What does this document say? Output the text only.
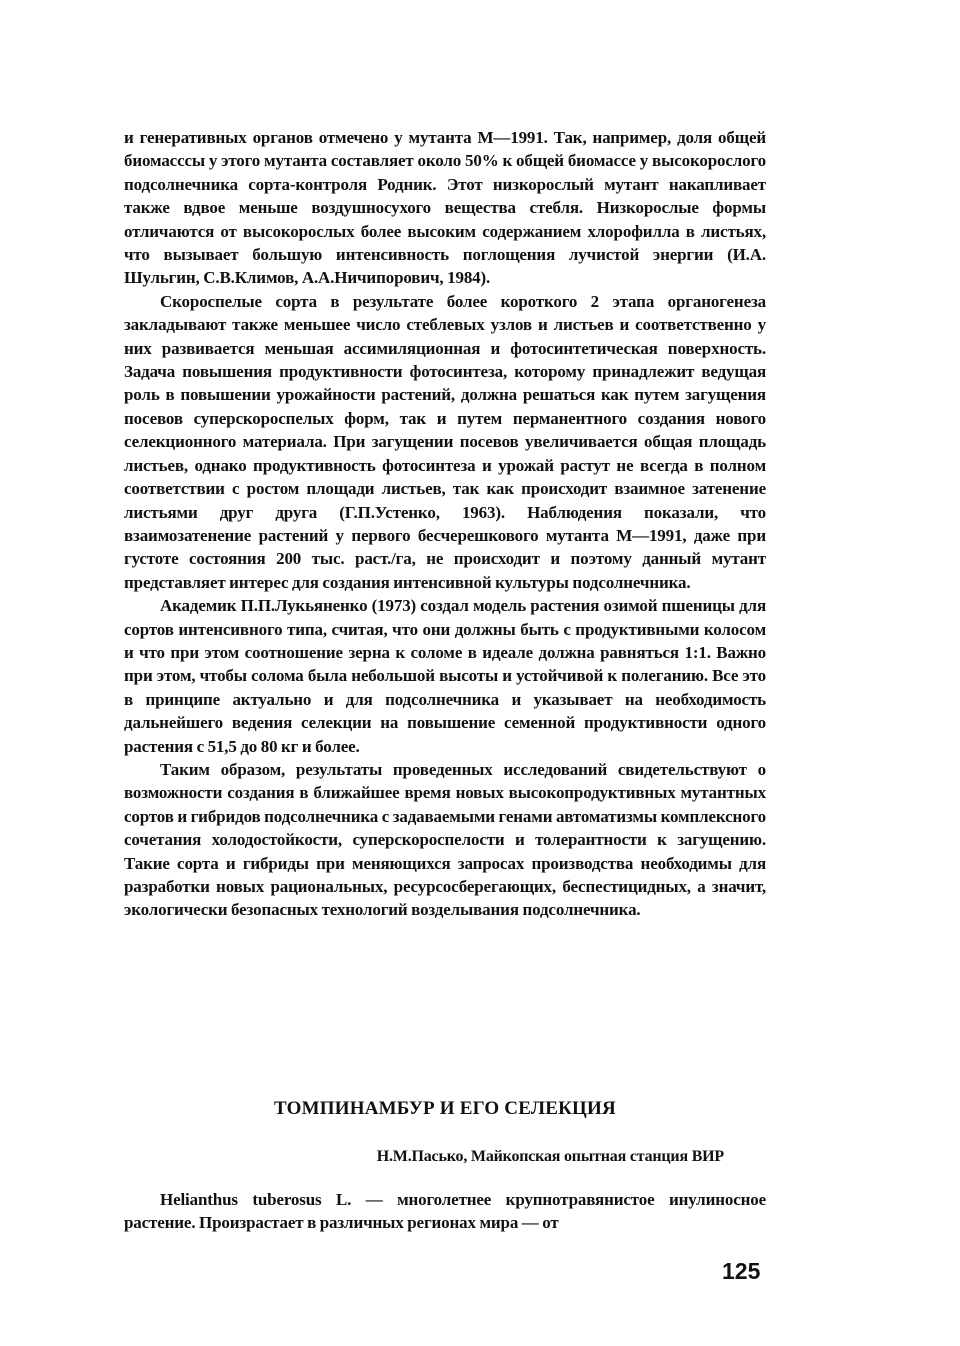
и генеративных органов отмечено у мутанта М—1991. Так, например, доля общей биомасссы у этого мутанта составляет около 50% к общей биомассе у высокорослого подсолнечника сорта-контроля Родник. Этот низкорослый мутант накапливает также вдвое меньше воздушносухого вещества стебля. Низкорослые формы отличаются от высокорослых более высоким содержанием хлорофилла в листьях, что вызывает большую интенсивность поглощения лучистой энергии (И.А. Шульгин, С.В.Климов, А.А.Ничипорович, 1984).

Скороспелые сорта в результате более короткого 2 этапа органогенеза закладывают также меньшее число стеблевых узлов и листьев и соответственно у них развивается меньшая ассимиляционная и фотосинтетическая поверхность. Задача повышения продуктивности фотосинтеза, которому принадлежит ведущая роль в повышении урожайности растений, должна решаться как путем загущения посевов суперскороспелых форм, так и путем перманентного создания нового селекционного материала. При загущении посевов увеличивается общая площадь листьев, однако продуктивность фотосинтеза и урожай растут не всегда в полном соответствии с ростом площади листьев, так как происходит взаимное затенение листьями друг друга (Г.П.Устенко, 1963). Наблюдения показали, что взаимозатенение растений у первого бесчерешкового мутанта М—1991, даже при густоте состояния 200 тыс. раст./га, не происходит и поэтому данный мутант представляет интерес для создания интенсивной культуры подсолнечника.

Академик П.П.Лукьяненко (1973) создал модель растения озимой пшеницы для сортов интенсивного типа, считая, что они должны быть с продуктивными колосом и что при этом соотношение зерна к соломе в идеале должна равняться 1:1. Важно при этом, чтобы солома была небольшой высоты и устойчивой к полеганию. Все это в принципе актуально и для подсолнечника и указывает на необходимость дальнейшего ведения селекции на повышение семенной продуктивности одного растения с 51,5 до 80 кг и более.

Таким образом, результаты проведенных исследований свидетельствуют о возможности создания в ближайшее время новых высокопродуктивных мутантных сортов и гибридов подсолнечника с задаваемыми генами автоматизмы комплексного сочетания холодостойкости, суперскороспелости и толерантности к загущению. Такие сорта и гибриды при меняющихся запросах производства необходимы для разработки новых рациональных, ресурсосберегающих, беспестицидных, а значит, экологически безопасных технологий возделывания подсолнечника.

ТОМПИНАМБУР И ЕГО СЕЛЕКЦИЯ

Н.М.Пасько, Майкопская опытная станция ВИР

Helianthus tuberosus L. — многолетнее крупнотравянистое инулиносное растение. Произрастает в различных регионах мира — от

125
